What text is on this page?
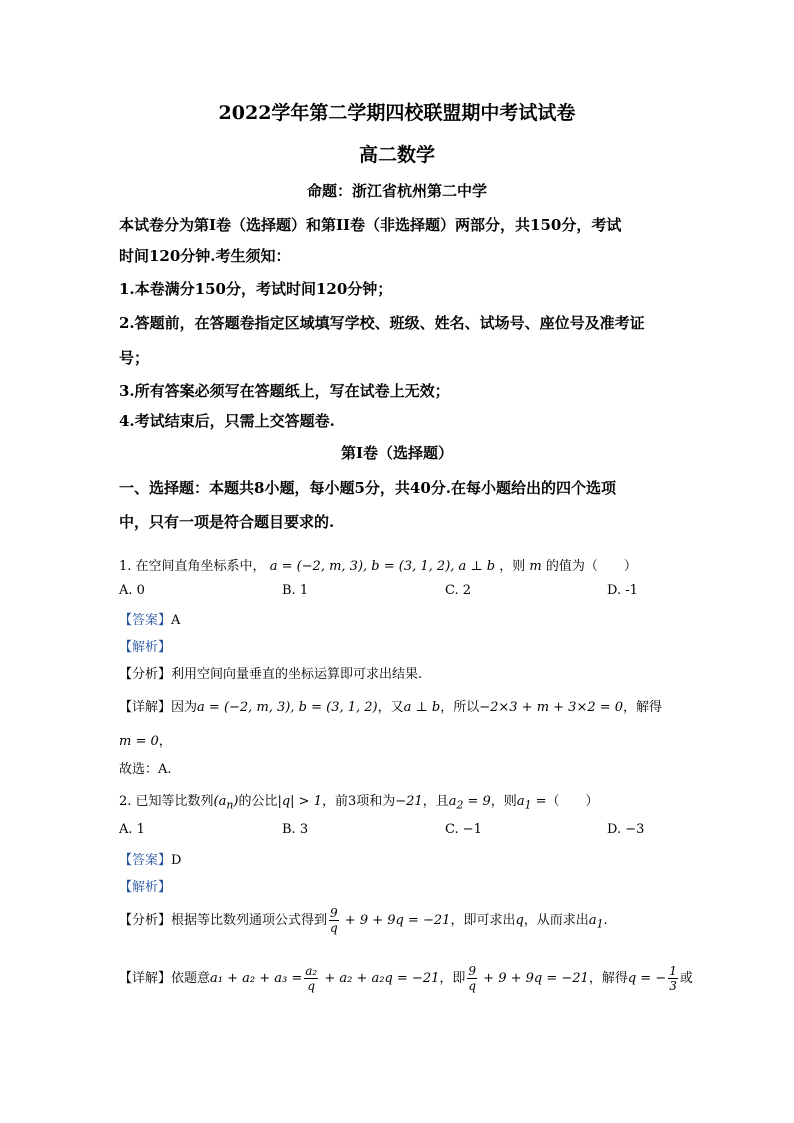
2022学年第二学期四校联盟期中考试试卷
高二数学
命题：浙江省杭州第二中学
本试卷分为第I卷（选择题）和第II卷（非选择题）两部分，共150分，考试
时间120分钟.考生须知：
1.本卷满分150分，考试时间120分钟；
2.答题前，在答题卷指定区域填写学校、班级、姓名、试场号、座位号及准考证
号；
3.所有答案必须写在答题纸上，写在试卷上无效；
4.考试结束后，只需上交答题卷.
第I卷（选择题）
一、选择题：本题共8小题，每小题5分，共40分.在每小题给出的四个选项
中，只有一项是符合题目要求的.
1. 在空间直角坐标系中， a = (−2, m, 3), b = (3, 1, 2), a ⊥ b ，则 m 的值为（　　）
A. 0	B. 1	C. 2	D. -1
【答案】A
【解析】
【分析】利用空间向量垂直的坐标运算即可求出结果.
【详解】因为a = (−2, m, 3), b = (3, 1, 2)，又a ⊥ b，所以−2×3 + m + 3×2 = 0，解得
m = 0，
故选：A.
2. 已知等比数列$(a_n)$的公比|q| > 1，前3项和为−21，且$a_2 = 9$，则$a_1$ =（　　）
A. 1	B. 3	C. −1	D. −3
【答案】D
【解析】
【分析】根据等比数列通项公式得到 $\frac{9}{q} + 9 + 9q = -21$，即可求出q，从而求出$a_1$.
【详解】依题意$a_1 + a_2 + a_3 = \frac{\text{a₂}}{q} + a_2 + a_2q = -21$，即 $\frac{9}{q} + 9 + 9q = -21$，解得q = − $\frac{1}{3}$ 或
